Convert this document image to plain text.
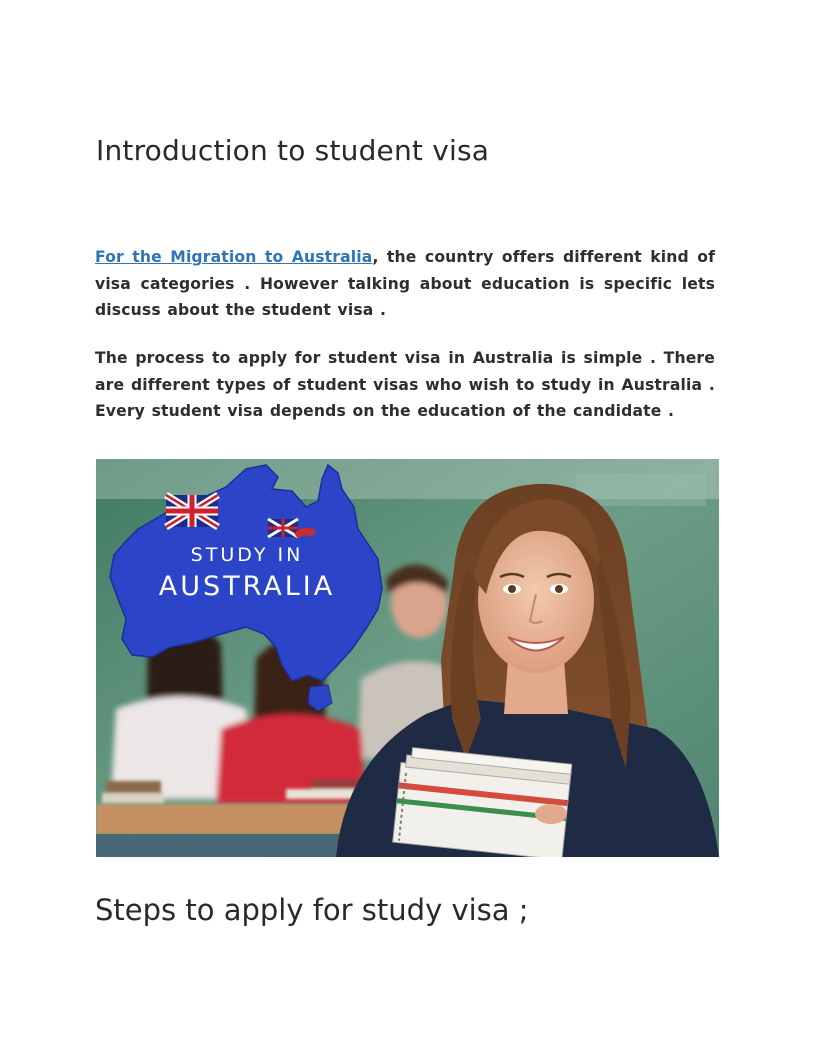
Introduction to student visa

For the Migration to Australia, the country offers different kind of visa categories . However talking about education is specific lets discuss about the student visa .

The process to apply for student visa in Australia is simple . There are different types of student visas who wish to study in Australia . Every student visa depends on the education of the candidate .

STUDY IN
AUSTRALIA
Steps to apply for study visa ;
